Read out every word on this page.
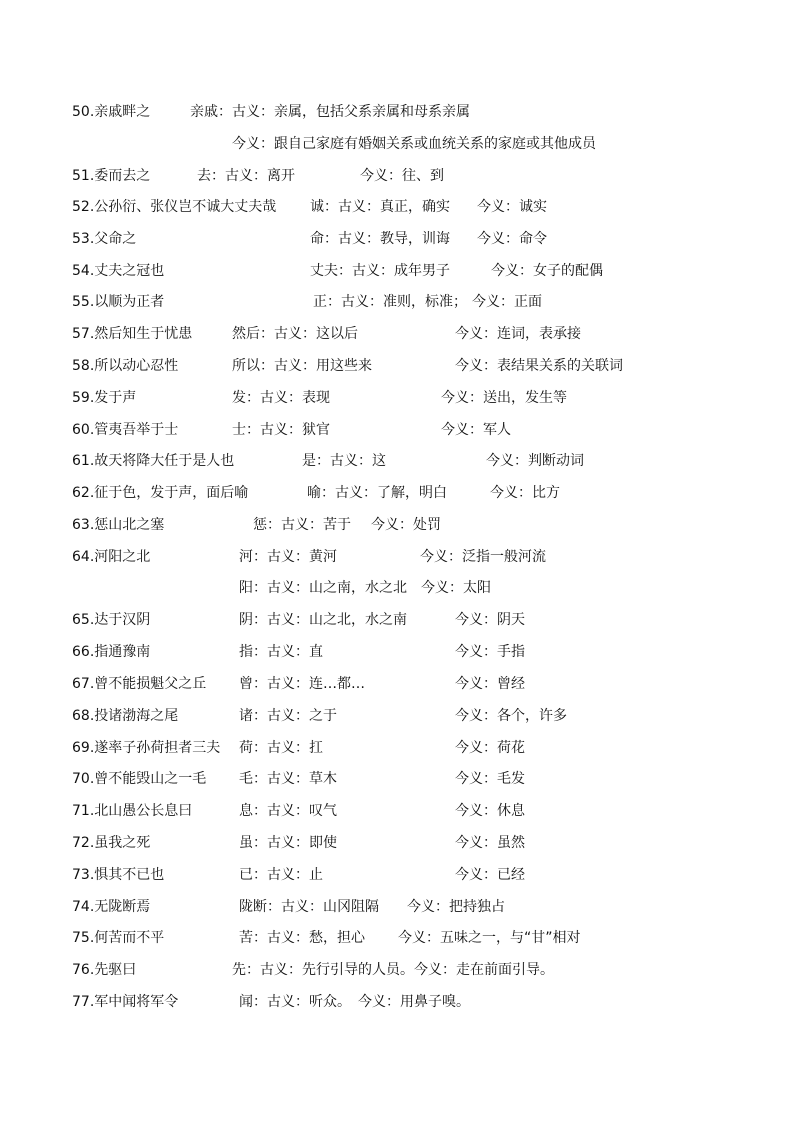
50.亲戚畔之	亲戚：古义：亲属，包括父系亲属和母系亲属
今义：跟自己家庭有婚姻关系或血统关系的家庭或其他成员
51.委而去之	去：古义：离开	今义：往、到
52.公孙衍、张仪岂不诚大丈夫哉 诚：古义：真正，确实 今义：诚实
53.父命之	命：古义：教导，训诲 今义：命令
54.丈夫之冠也	丈夫：古义：成年男子	今义：女子的配偶
55.以顺为正者	正：古义：准则，标准； 今义：正面
57.然后知生于忧患	然后：古义：这以后	今义：连词，表承接
58.所以动心忍性	所以：古义：用这些来	今义：表结果关系的关联词
59.发于声	发：古义：表现	今义：送出，发生等
60.管夷吾举于士	士：古义：狱官	今义：军人
61.故天将降大任于是人也	是：古义：这	今义：判断动词
62.征于色，发于声，面后喻	喻：古义：了解，明白	今义：比方
63.惩山北之塞	惩：古义：苦于 今义：处罚
64.河阳之北	河：古义：黄河	今义：泛指一般河流
阳：古义：山之南，水之北 今义：太阳
65.达于汉阴	阴：古义：山之北，水之南	今义：阴天
66.指通豫南	指：古义：直	今义：手指
67.曾不能损魁父之丘 曾：古义：连…都…	今义：曾经
68.投诸渤海之尾	诸：古义：之于	今义：各个，许多
69.遂率子孙荷担者三夫 荷：古义：扛	今义：荷花
70.曾不能毁山之一毛 毛：古义：草木	今义：毛发
71.北山愚公长息曰	息：古义：叹气	今义：休息
72.虽我之死	虽：古义：即使	今义：虽然
73.惧其不已也	已：古义：止	今义：已经
74.无陇断焉	陇断：古义：山冈阻隔 今义：把持独占
75.何苦而不平	苦：古义：愁，担心 今义：五味之一，与“甘”相对
76.先驱曰	先：古义：先行引导的人员。今义：走在前面引导。
77.军中闻将军令	闻：古义：听众。 今义：用鼻子嗅。
